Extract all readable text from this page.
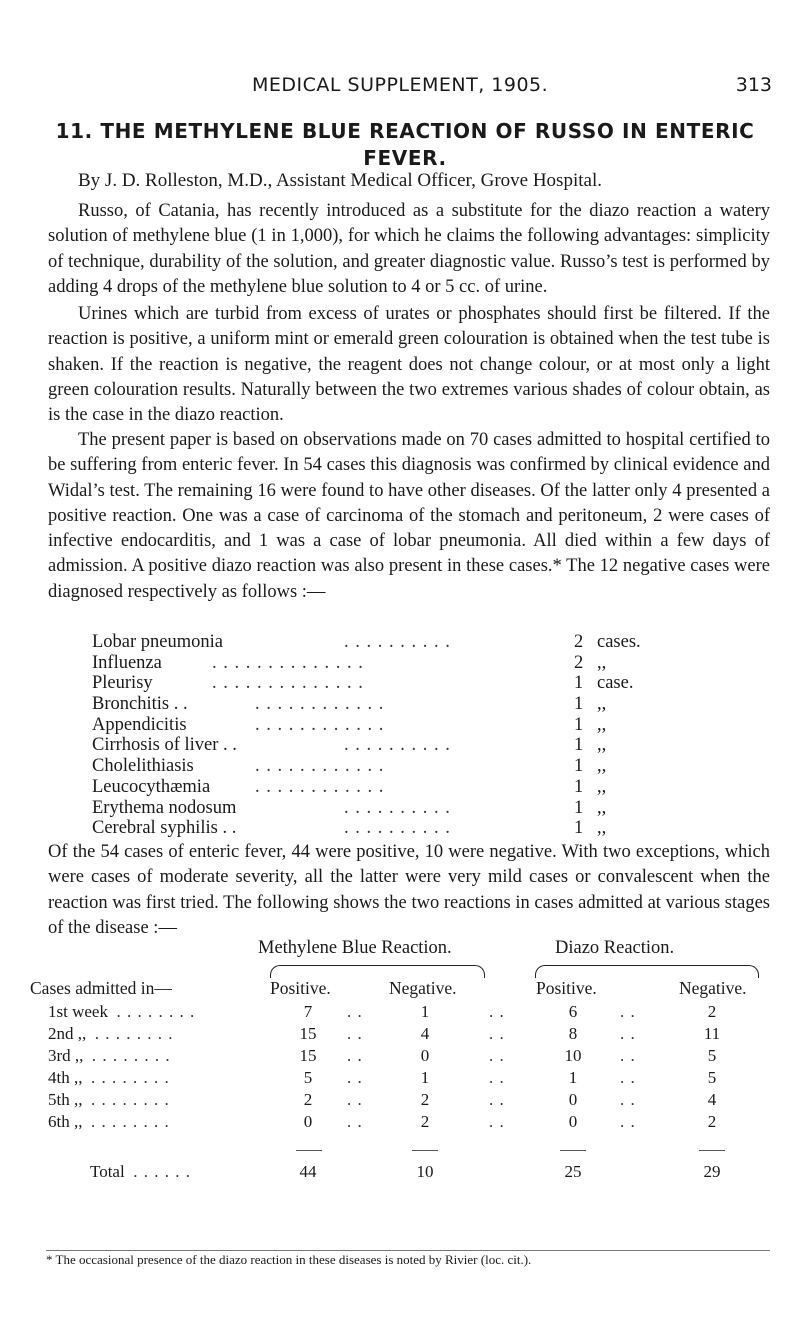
MEDICAL SUPPLEMENT, 1905.	313
11. THE METHYLENE BLUE REACTION OF RUSSO IN ENTERIC FEVER.
By J. D. Rolleston, M.D., Assistant Medical Officer, Grove Hospital.

Russo, of Catania, has recently introduced as a substitute for the diazo reaction a watery solution of methylene blue (1 in 1,000), for which he claims the following advantages: simplicity of technique, durability of the solution, and greater diagnostic value. Russo’s test is performed by adding 4 drops of the methylene blue solution to 4 or 5 cc. of urine.

Urines which are turbid from excess of urates or phosphates should first be filtered. If the reaction is positive, a uniform mint or emerald green colouration is obtained when the test tube is shaken. If the reaction is negative, the reagent does not change colour, or at most only a light green colouration results. Naturally between the two extremes various shades of colour obtain, as is the case in the diazo reaction.

The present paper is based on observations made on 70 cases admitted to hospital certified to be suffering from enteric fever. In 54 cases this diagnosis was confirmed by clinical evidence and Widal’s test. The remaining 16 were found to have other diseases. Of the latter only 4 presented a positive reaction. One was a case of carcinoma of the stomach and peritoneum, 2 were cases of infective endocarditis, and 1 was a case of lobar pneumonia. All died within a few days of admission. A positive diazo reaction was also present in these cases.* The 12 negative cases were diagnosed respectively as follows :—

Lobar pneumonia	. . . . . . . . . .	2 cases.
Influenza	. . . . . . . . . . . . . .	2 ,,
Pleurisy	. . . . . . . . . . . . . .	1 case.
Bronchitis . .	. . . . . . . . . . . .	1 ,,
Appendicitis	. . . . . . . . . . . .	1 ,,
Cirrhosis of liver . .	. . . . . . . . . .	1 ,,
Cholelithiasis	. . . . . . . . . . . .	1 ,,
Leucocythæmia . . . . . . . . . . . .	1 ,,
Erythema nodosum	. . . . . . . . . .	1 ,,
Cerebral syphilis . .	. . . . . . . . . .	1 ,,

Of the 54 cases of enteric fever, 44 were positive, 10 were negative. With two exceptions, which were cases of moderate severity, all the latter were very mild cases or convalescent when the reaction was first tried. The following shows the two reactions in cases admitted at various stages of the disease :—

Methylene Blue Reaction.	Diazo Reaction.
Cases admitted in—	Positive.	Negative.	Positive.	Negative.
1st week . . . . . . . .	7	. .	1	. .	6	. .	2
2nd ,, . . . . . . . .	15	. .	4	. .	8	. .	11
3rd ,, . . . . . . . .	15	. .	0	. .	10	. .	5
4th ,, . . . . . . . .	5	. .	1	. .	1	. .	5
5th ,, . . . . . . . .	2	. .	2	. .	0	. .	4
6th ,, . . . . . . . .	0	. .	2	. .	0	. .	2
Total . . . . . .	44	10	25	29
* The occasional presence of the diazo reaction in these diseases is noted by Rivier (loc. cit.).
